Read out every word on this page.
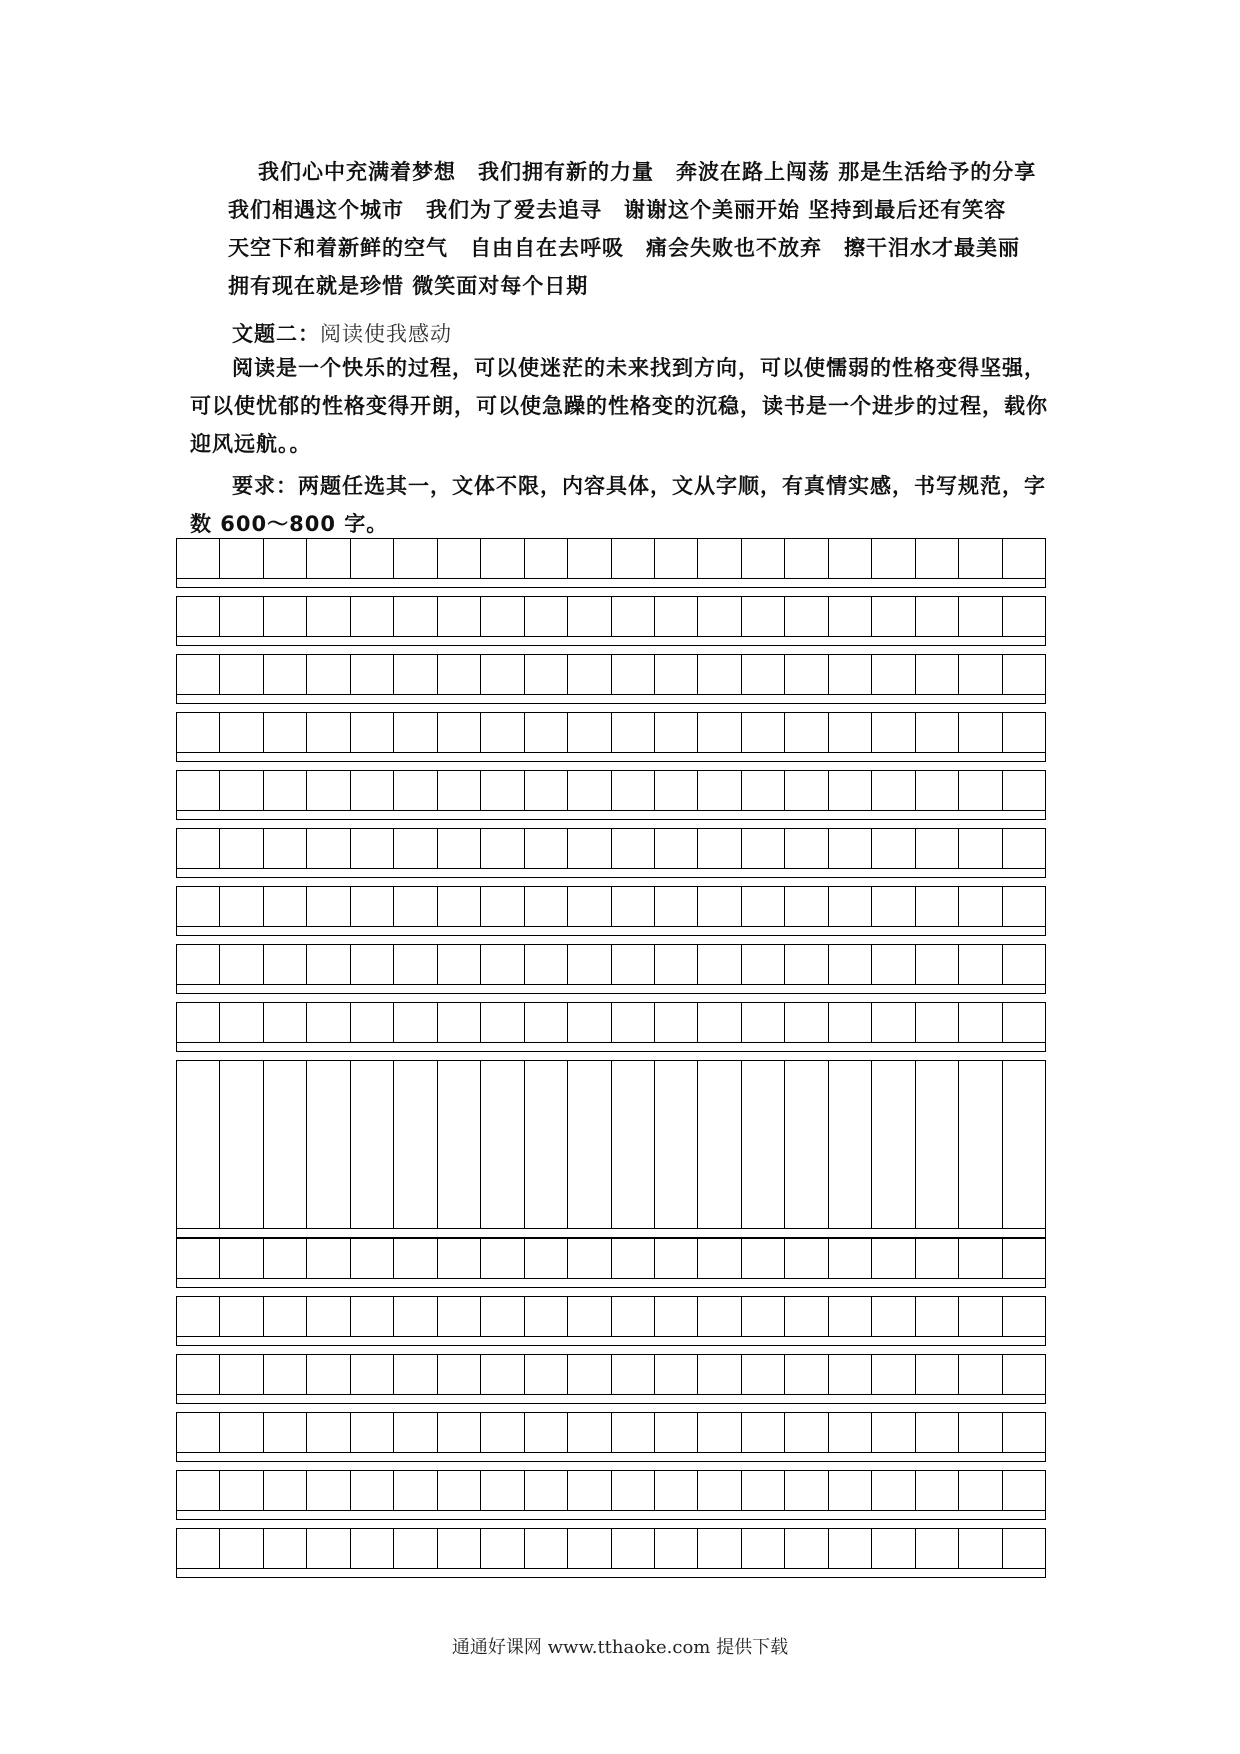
我们心中充满着梦想　我们拥有新的力量　奔波在路上闯荡 那是生活给予的分享
我们相遇这个城市　我们为了爱去追寻　谢谢这个美丽开始 坚持到最后还有笑容
天空下和着新鲜的空气　自由自在去呼吸　痛会失败也不放弃　擦干泪水才最美丽
拥有现在就是珍惜 微笑面对每个日期
文题二：阅读使我感动
阅读是一个快乐的过程，可以使迷茫的未来找到方向，可以使懦弱的性格变得坚强，
可以使忧郁的性格变得开朗，可以使急躁的性格变的沉稳，读书是一个进步的过程，载你
迎风远航。。
要求：两题任选其一，文体不限，内容具体，文从字顺，有真情实感，书写规范，字
数 600～800 字。
通通好课网 www.tthaoke.com 提供下载
